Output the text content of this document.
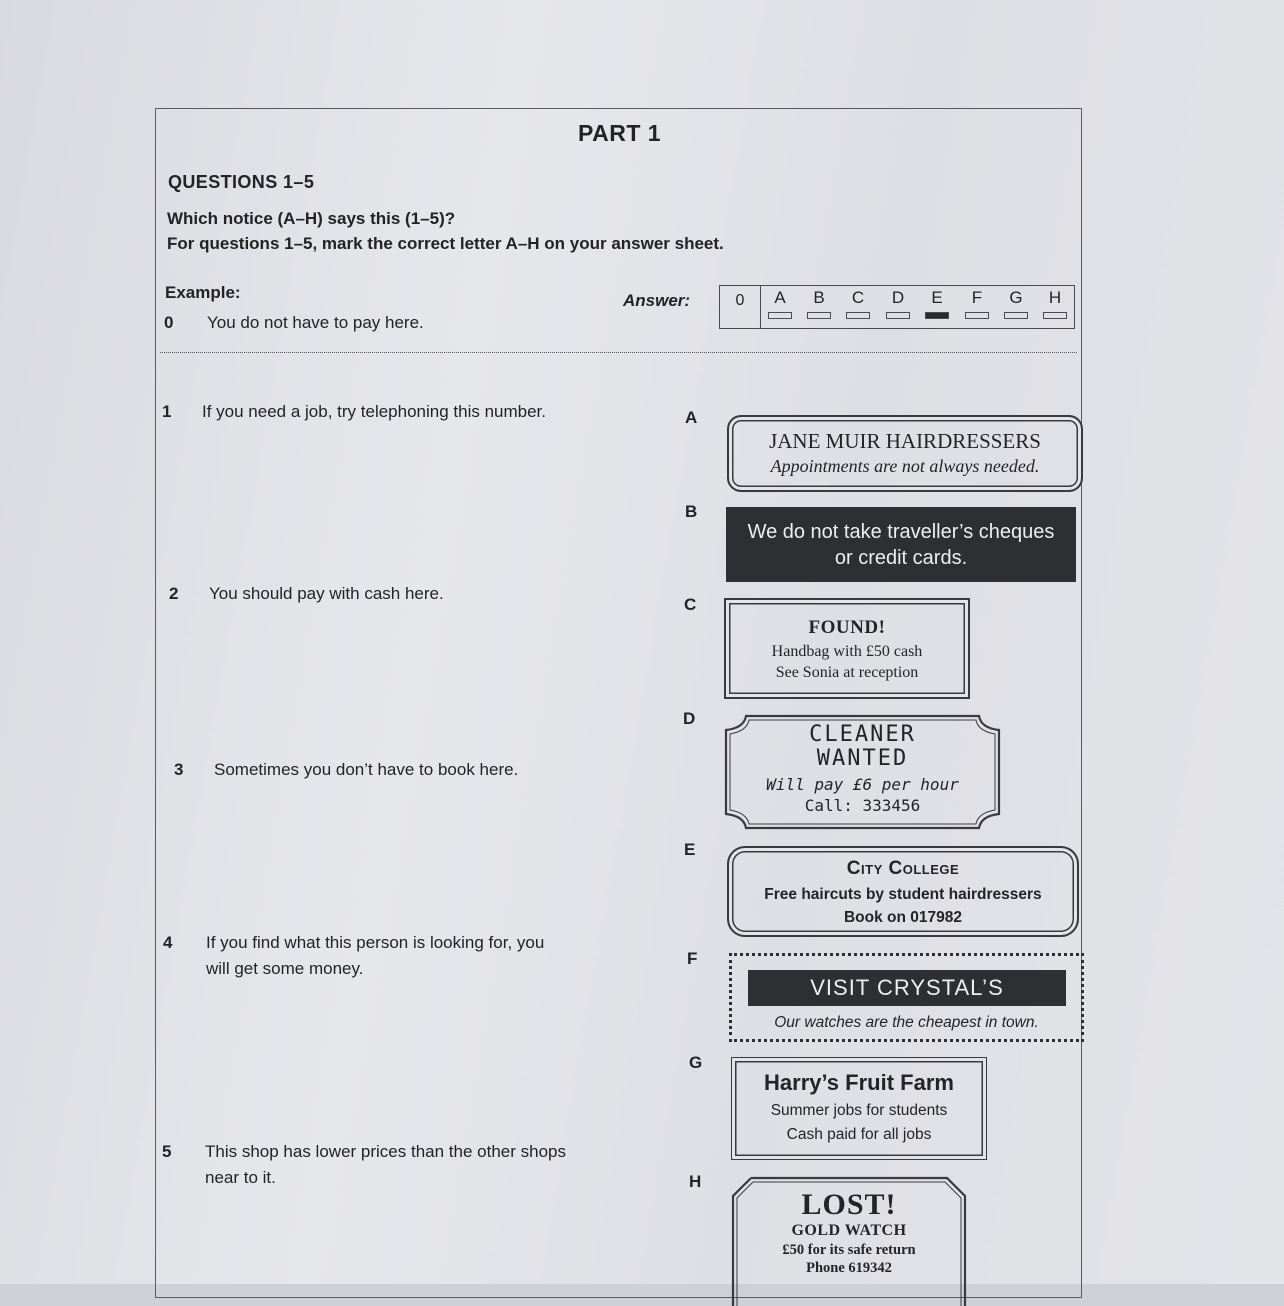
PART 1
QUESTIONS 1–5
Which notice (A–H) says this (1–5)?
For questions 1–5, mark the correct letter A–H on your answer sheet.
Example:
0 You do not have to pay here.
Answer:	0	A	B	C	D	E	F	G	H
1 If you need a job, try telephoning this number.
2 You should pay with cash here.
3 Sometimes you don’t have to book here.
4 If you find what this person is looking for, you
will get some money.
5 This shop has lower prices than the other shops
near to it.
A
B
C
D
E
F
G
H
JANE MUIR HAIRDRESSERS
Appointments are not always needed.
We do not take traveller’s cheques
or credit cards.
FOUND!
Handbag with £50 cash
See Sonia at reception
CLEANER
WANTED
Will pay £6 per hour
Call: 333456
City College
Free haircuts by student hairdressers
Book on 017982
VISIT CRYSTAL’S
Our watches are the cheapest in town.
Harry’s Fruit Farm
Summer jobs for students
Cash paid for all jobs
LOST!
GOLD WATCH
£50 for its safe return
Phone 619342
